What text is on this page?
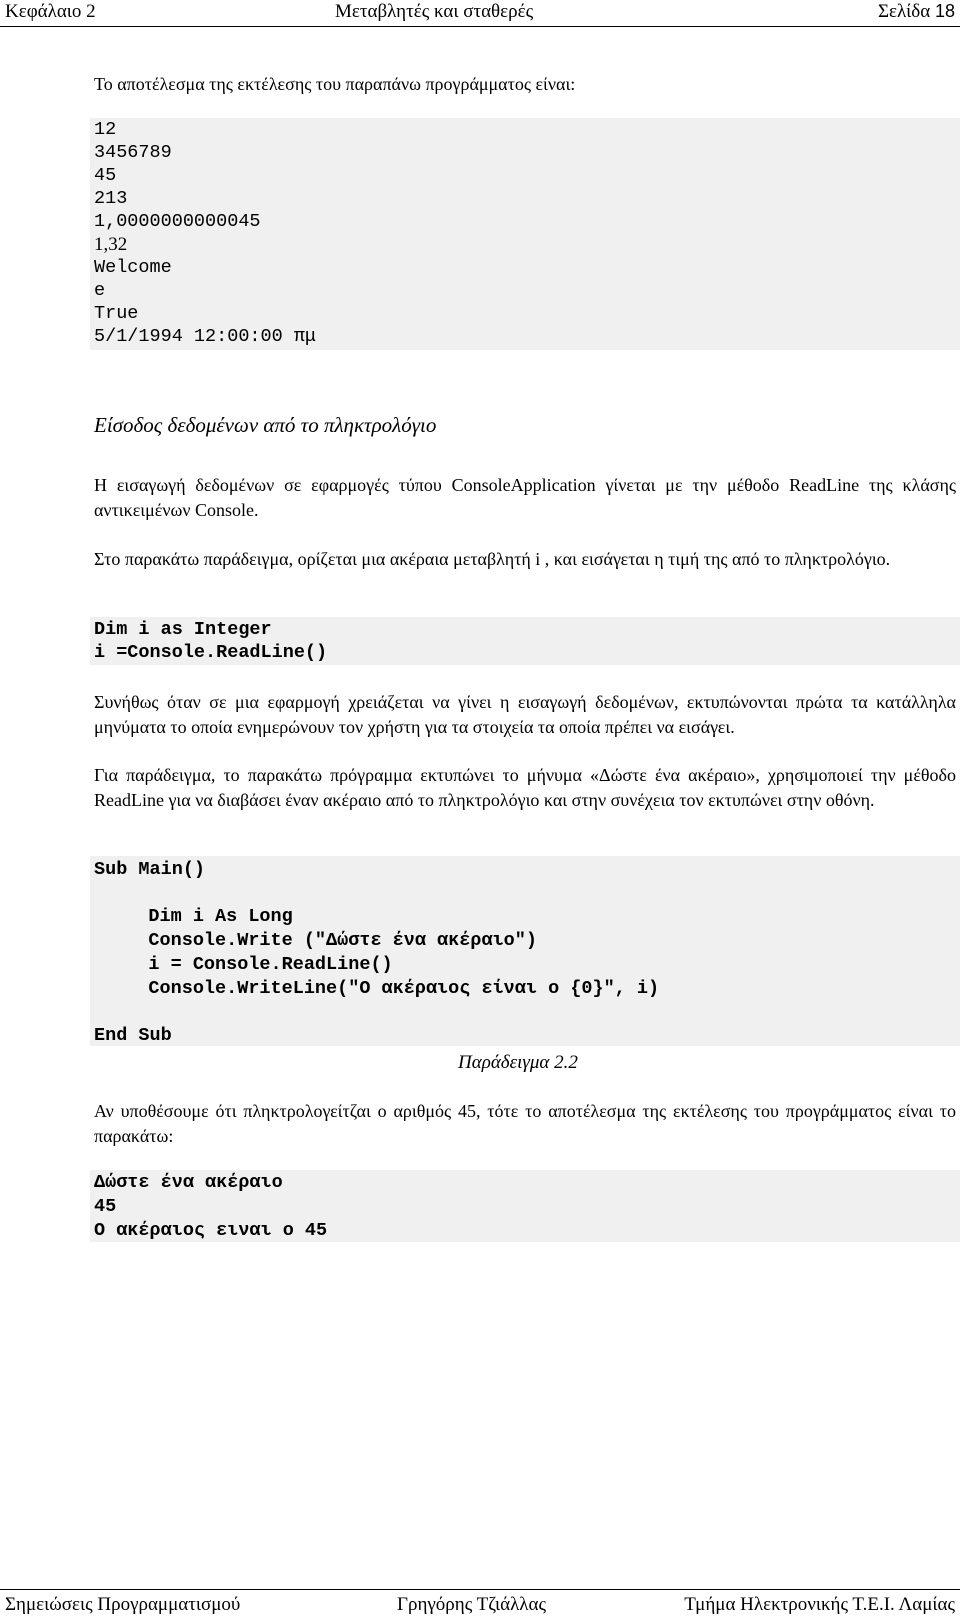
Κεφάλαιο 2	Μεταβλητές και σταθερές	Σελίδα 18
Το αποτέλεσμα της εκτέλεσης του παραπάνω προγράμματος είναι:
12
3456789
45
213
1,0000000000045
1,32
Welcome
e
True
5/1/1994 12:00:00 πμ
Είσοδος δεδομένων από το πληκτρολόγιο
Η εισαγωγή δεδομένων σε εφαρμογές τύπου ConsoleApplication γίνεται με την μέθοδο ReadLine της κλάσης αντικειμένων Console.
Στο παρακάτω παράδειγμα, ορίζεται μια ακέραια μεταβλητή i , και εισάγεται η τιμή της από το πληκτρολόγιο.
Dim i as Integer
i =Console.ReadLine()
Συνήθως όταν σε μια εφαρμογή χρειάζεται να γίνει η εισαγωγή δεδομένων, εκτυπώνονται πρώτα τα κατάλληλα μηνύματα το οποία ενημερώνουν τον χρήστη για τα στοιχεία τα οποία πρέπει να εισάγει.
Για παράδειγμα, το παρακάτω πρόγραμμα εκτυπώνει το μήνυμα «Δώστε ένα ακέραιο», χρησιμοποιεί την μέθοδο ReadLine για να διαβάσει έναν ακέραιο από το πληκτρολόγιο και στην συνέχεια τον εκτυπώνει στην οθόνη.
Sub Main()
Dim i As Long
Console.Write ("Δώστε ένα ακέραιο")
i = Console.ReadLine()
Console.WriteLine("Ο ακέραιος είναι ο {0}", i)
End Sub
Παράδειγμα 2.2
Αν υποθέσουμε ότι πληκτρολογείτζαι ο αριθμός 45, τότε το αποτέλεσμα της εκτέλεσης του προγράμματος είναι το παρακάτω:
Δώστε ένα ακέραιο
45
Ο ακέραιος ειναι ο 45
Σημειώσεις Προγραμματισμού	Γρηγόρης Τζιάλλας	Τμήμα Ηλεκτρονικής Τ.Ε.Ι. Λαμίας
